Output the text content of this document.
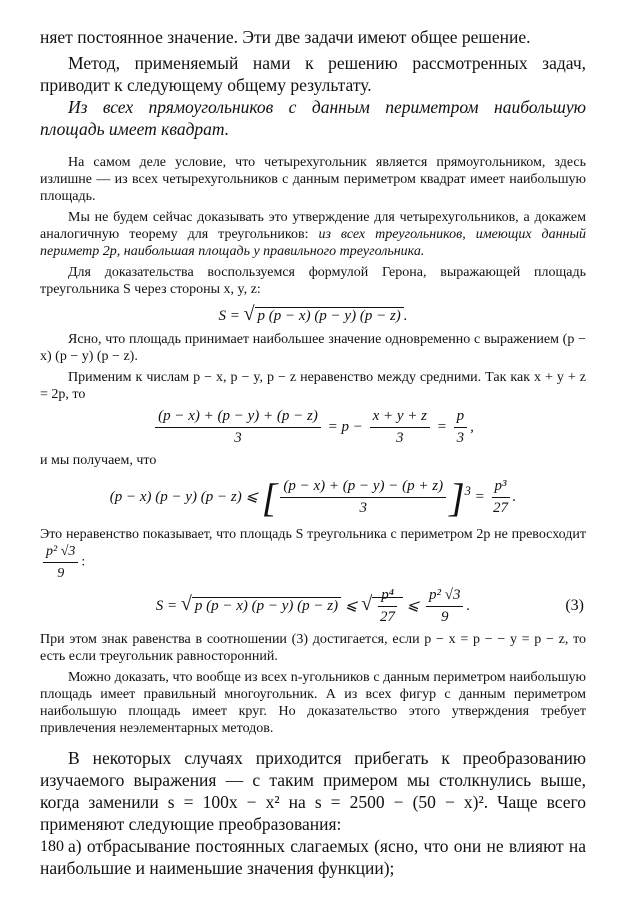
няет постоянное значение. Эти две задачи имеют общее решение.

Метод, применяемый нами к решению рассмотренных задач, приводит к следующему общему результату.

Из всех прямоугольников с данным периметром наибольшую площадь имеет квадрат.

На самом деле условие, что четырехугольник является прямоугольником, здесь излишне — из всех четырехугольников с данным периметром квадрат имеет наибольшую площадь.

Мы не будем сейчас доказывать это утверждение для четырехугольников, а докажем аналогичную теорему для треугольников: из всех треугольников, имеющих данный периметр 2p, наибольшая площадь у правильного треугольника.

Для доказательства воспользуемся формулой Герона, выражающей площадь треугольника S через стороны x, y, z:

S = √ p (p − x) (p − y) (p − z) .

Ясно, что площадь принимает наибольшее значение одновременно с выражением (p − x) (p − y) (p − z).

Применим к числам p − x, p − y, p − z неравенство между средними. Так как x + y + z = 2p, то

$\frac{(p - x) + (p - y) + (p - z)}{3} = p - \frac{x + y + z}{3} = \frac{p}{3}$ ,

и мы получаем, что

(p − x) (p − y) (p − z) ⩽ [ $\frac{(p - x) + (p - y) - (p + z)}{3} ]^3 = \frac{\text{p³}}{27}$ .

Это неравенство показывает, что площадь S треугольника с периметром 2p не превосходит
$\frac{\text{p² √3}}{9}$ :

S = √ p (p − x) (p − y) (p − z) ⩽ √ $\frac{\text{p⁴}}{27}$ ⩽ $\frac{\text{p² √3}}{9}$ .	(3)

При этом знак равенства в соотношении (3) достигается, если p − x = p − − y = p − z, то есть если треугольник равносторонний.

Можно доказать, что вообще из всех n-угольников с данным периметром наибольшую площадь имеет правильный многоугольник. А из всех фигур с данным периметром наибольшую площадь имеет круг. Но доказательство этого утверждения требует привлечения неэлементарных методов.

В некоторых случаях приходится прибегать к преобразованию изучаемого выражения — с таким примером мы столкнулись выше, когда заменили s = 100x − x² на s = 2500 − (50 − x)². Чаще всего применяют следующие преобразования:

а) отбрасывание постоянных слагаемых (ясно, что они не влияют на наибольшие и наименьшие значения функции);

180
